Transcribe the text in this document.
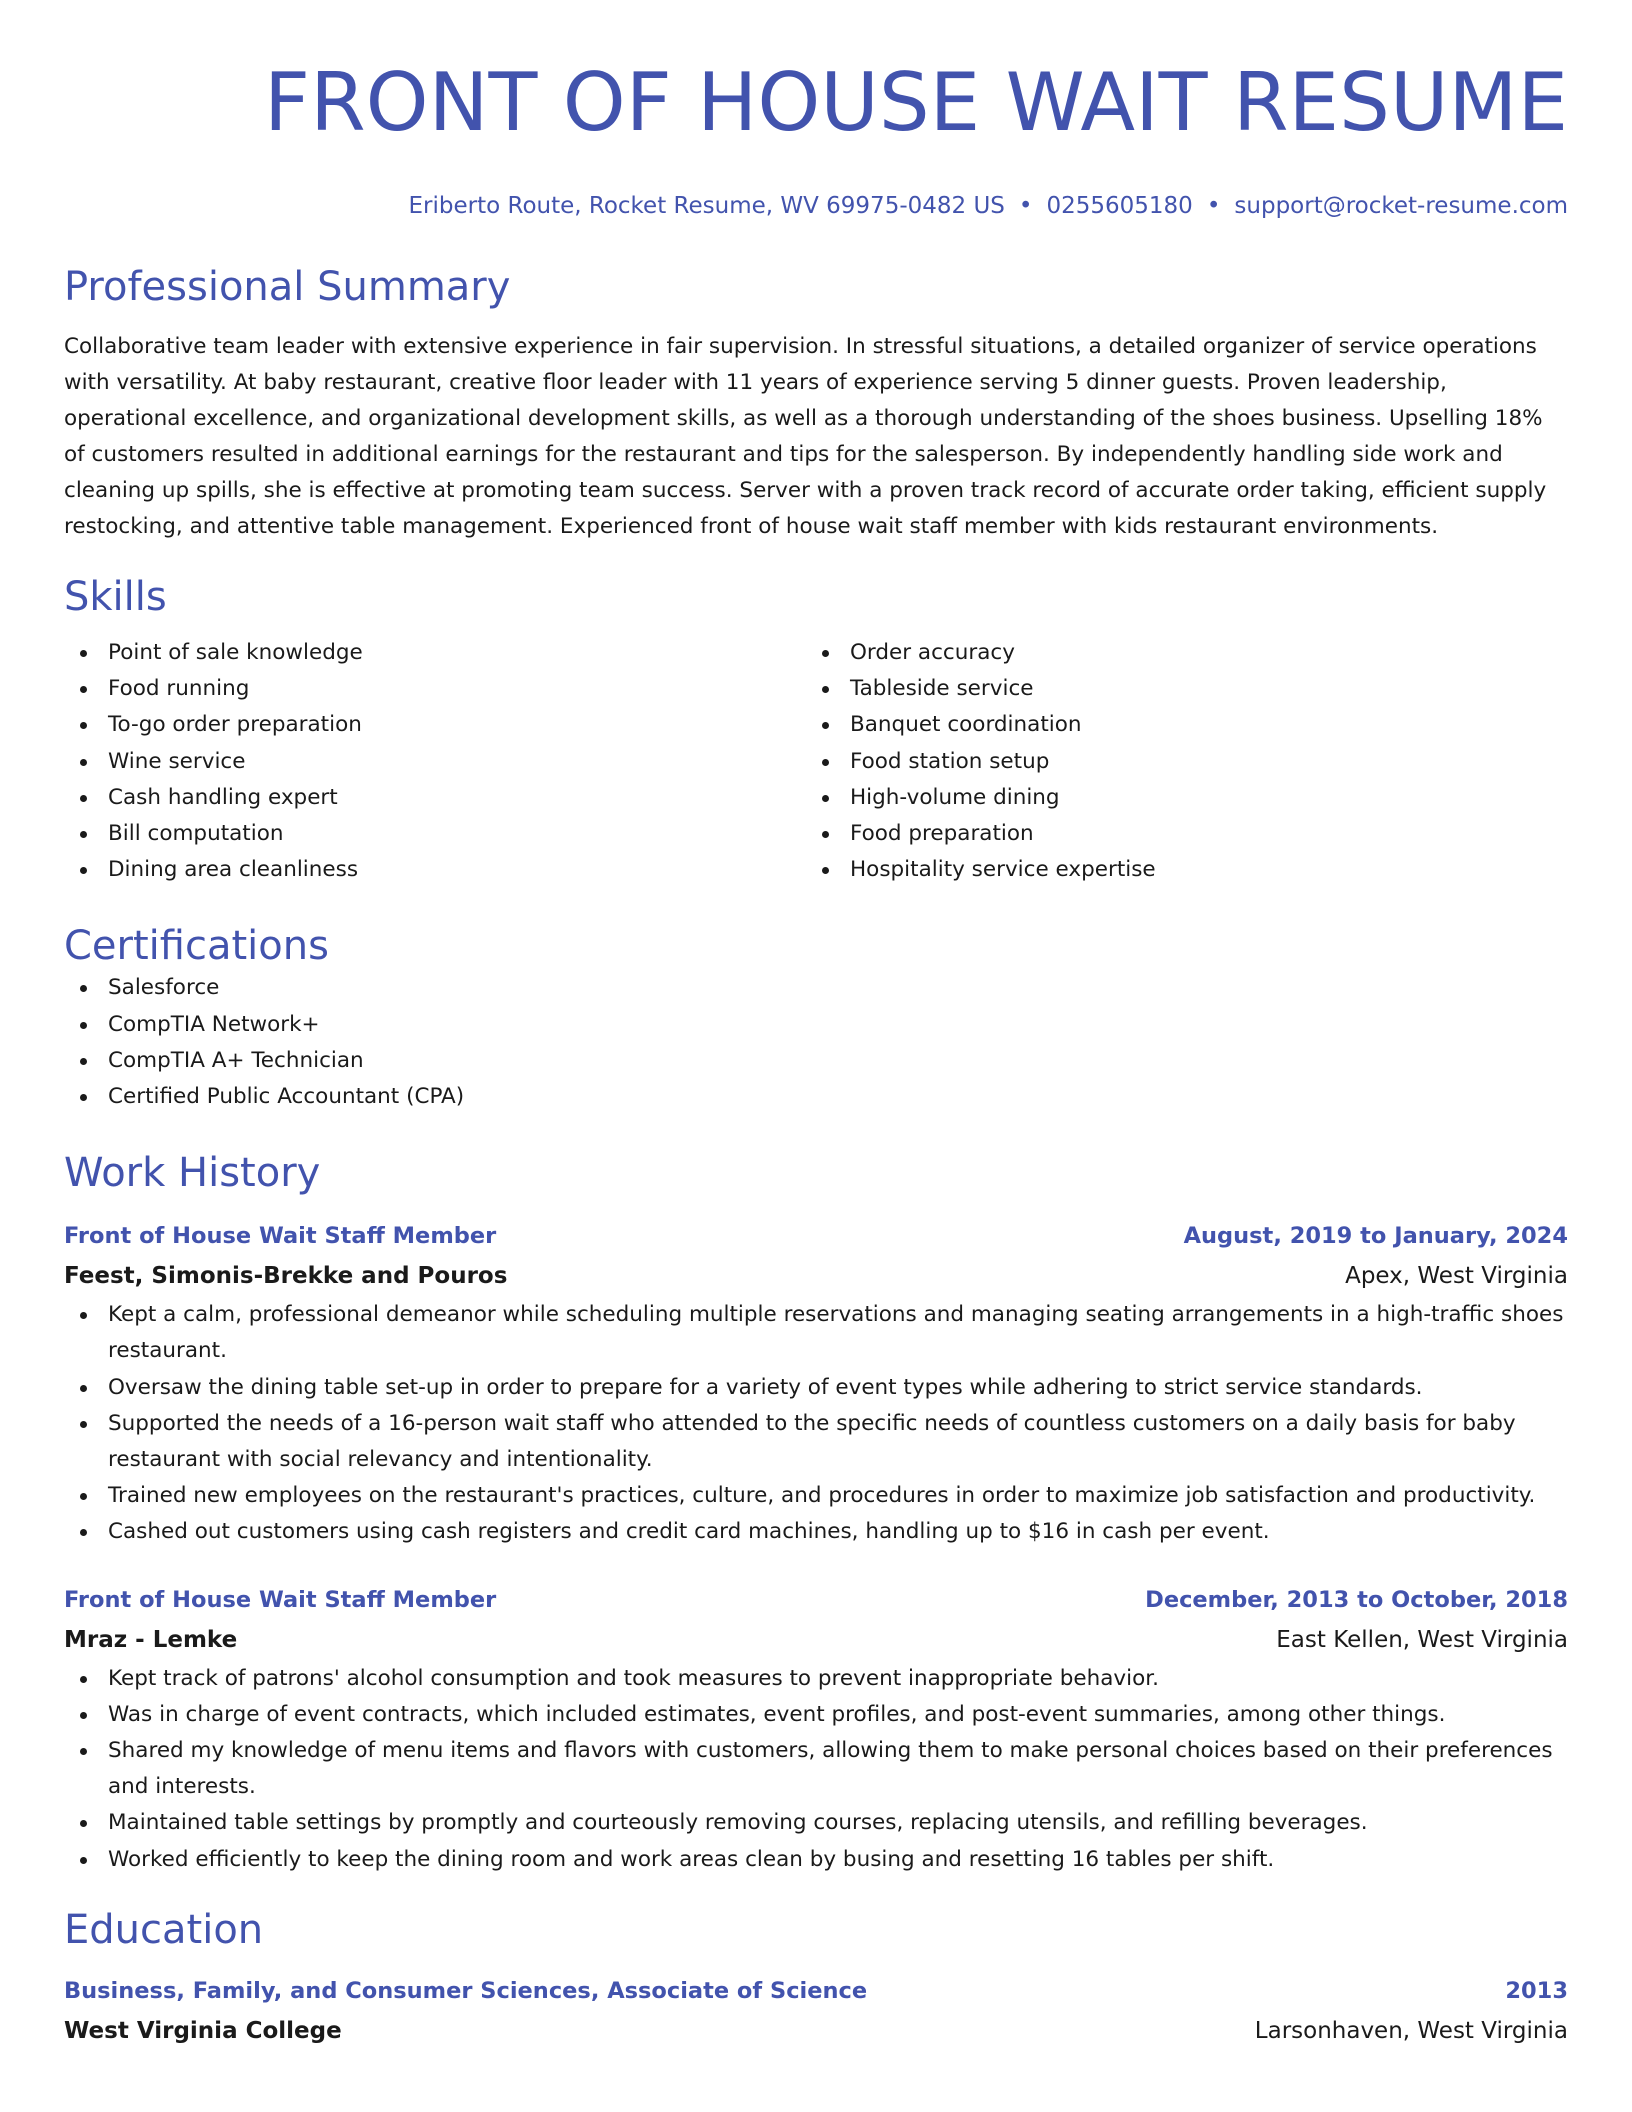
FRONT OF HOUSE WAIT RESUME
Eriberto Route, Rocket Resume, WV 69975-0482 US • 0255605180 • support@rocket-resume.com
Professional Summary
Collaborative team leader with extensive experience in fair supervision. In stressful situations, a detailed organizer of service operations with versatility. At baby restaurant, creative floor leader with 11 years of experience serving 5 dinner guests. Proven leadership, operational excellence, and organizational development skills, as well as a thorough understanding of the shoes business. Upselling 18% of customers resulted in additional earnings for the restaurant and tips for the salesperson. By independently handling side work and cleaning up spills, she is effective at promoting team success. Server with a proven track record of accurate order taking, efficient supply restocking, and attentive table management. Experienced front of house wait staff member with kids restaurant environments.
Skills
Point of sale knowledge
Food running
To-go order preparation
Wine service
Cash handling expert
Bill computation
Dining area cleanliness
Order accuracy
Tableside service
Banquet coordination
Food station setup
High-volume dining
Food preparation
Hospitality service expertise
Certifications
Salesforce
CompTIA Network+
CompTIA A+ Technician
Certified Public Accountant (CPA)
Work History
Front of House Wait Staff Member	August, 2019 to January, 2024
Feest, Simonis-Brekke and Pouros	Apex, West Virginia
Kept a calm, professional demeanor while scheduling multiple reservations and managing seating arrangements in a high-traffic shoes restaurant.
Oversaw the dining table set-up in order to prepare for a variety of event types while adhering to strict service standards.
Supported the needs of a 16-person wait staff who attended to the specific needs of countless customers on a daily basis for baby restaurant with social relevancy and intentionality.
Trained new employees on the restaurant's practices, culture, and procedures in order to maximize job satisfaction and productivity.
Cashed out customers using cash registers and credit card machines, handling up to $16 in cash per event.
Front of House Wait Staff Member	December, 2013 to October, 2018
Mraz - Lemke	East Kellen, West Virginia
Kept track of patrons' alcohol consumption and took measures to prevent inappropriate behavior.
Was in charge of event contracts, which included estimates, event profiles, and post-event summaries, among other things.
Shared my knowledge of menu items and flavors with customers, allowing them to make personal choices based on their preferences and interests.
Maintained table settings by promptly and courteously removing courses, replacing utensils, and refilling beverages.
Worked efficiently to keep the dining room and work areas clean by busing and resetting 16 tables per shift.
Education
Business, Family, and Consumer Sciences, Associate of Science	2013
West Virginia College	Larsonhaven, West Virginia
